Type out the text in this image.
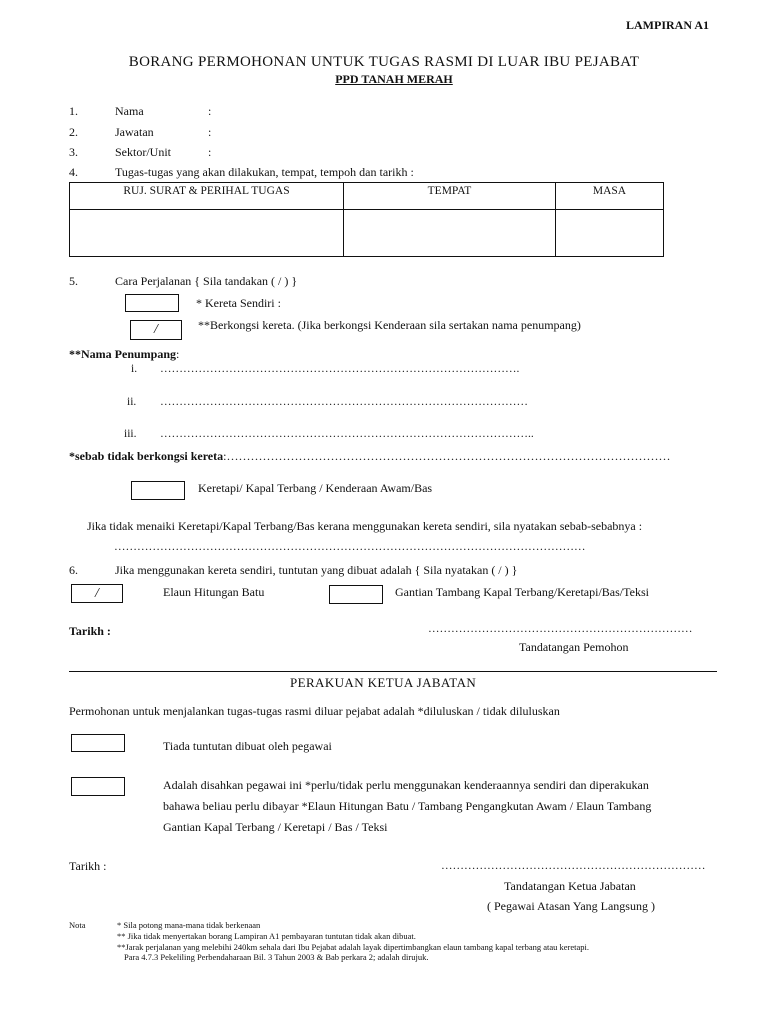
LAMPIRAN A1
BORANG PERMOHONAN UNTUK TUGAS RASMI DI LUAR IBU PEJABAT
PPD TANAH MERAH
1.	Nama	:
2.	Jawatan	:
3.	Sektor/Unit	:
4.	Tugas-tugas yang akan dilakukan, tempat, tempoh dan tarikh :
RUJ. SURAT & PERIHAL TUGAS	TEMPAT	MASA

5.	Cara Perjalanan { Sila tandakan ( / ) }
* Kereta Sendiri :
/	**Berkongsi kereta. (Jika berkongsi Kenderaan sila sertakan nama penumpang)
**Nama Penumpang:
i. ………………………………………………………………………………….
ii. ……………………………………………………………………………………
iii. ……………………………………………………………………………………..
*sebab tidak berkongsi kereta:…………………………………………………………………………………………………
Keretapi/ Kapal Terbang / Kenderaan Awam/Bas
Jika tidak menaiki Keretapi/Kapal Terbang/Bas kerana menggunakan kereta sendiri, sila nyatakan sebab-sebabnya :
……………………………………………………………………………………………………………
6.	Jika menggunakan kereta sendiri, tuntutan yang dibuat adalah { Sila nyatakan ( / ) }
/	Elaun Hitungan Batu	Gantian Tambang Kapal Terbang/Keretapi/Bas/Teksi
Tarikh :	……………………………………………………………
Tandatangan Pemohon
PERAKUAN KETUA JABATAN
Permohonan untuk menjalankan tugas-tugas rasmi diluar pejabat adalah *diluluskan / tidak diluluskan
Tiada tuntutan dibuat oleh pegawai
Adalah disahkan pegawai ini *perlu/tidak perlu menggunakan kenderaannya sendiri dan diperakukan
bahawa beliau perlu dibayar *Elaun Hitungan Batu / Tambang Pengangkutan Awam / Elaun Tambang
Gantian Kapal Terbang / Keretapi / Bas / Teksi
Tarikh :	……………………………………………………………
Tandatangan Ketua Jabatan
( Pegawai Atasan Yang Langsung )
Nota	* Sila potong mana-mana tidak berkenaan
** Jika tidak menyertakan borang Lampiran A1 pembayaran tuntutan tidak akan dibuat.
**Jarak perjalanan yang melebihi 240km sehala dari Ibu Pejabat adalah layak dipertimbangkan elaun tambang kapal terbang atau keretapi.
Para 4.7.3 Pekeliling Perbendaharaan Bil. 3 Tahun 2003 & Bab perkara 2; adalah dirujuk.
